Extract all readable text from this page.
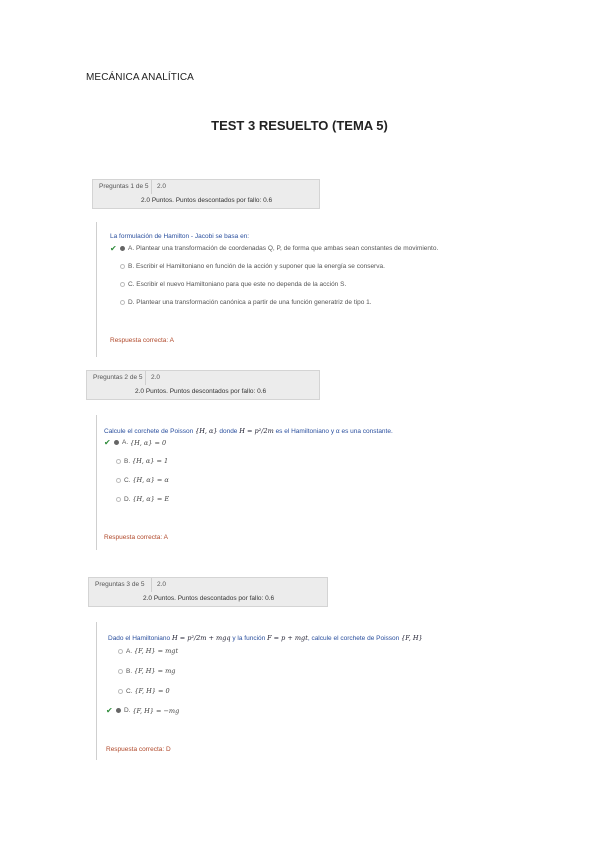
MECÁNICA ANALÍTICA
TEST 3 RESUELTO (TEMA 5)
Preguntas 1 de 5 2.0
2.0 Puntos. Puntos descontados por fallo: 0.6
La formulación de Hamilton - Jacobi se basa en:
✔	A. Plantear una transformación de coordenadas Q, P, de forma que ambas sean constantes de movimiento.
B. Escribir el Hamiltoniano en función de la acción y suponer que la energía se conserva.
C. Escribir el nuevo Hamiltoniano para que este no dependa de la acción S.
D. Plantear una transformación canónica a partir de una función generatriz de tipo 1.
Respuesta correcta: A
Preguntas 2 de 5 2.0
2.0 Puntos. Puntos descontados por fallo: 0.6
Calcule el corchete de Poisson {H, α} donde H = p²/2m es el Hamiltoniano y α es una constante.
✔	A.
{H, α} = 0
B.
{H, α} = 1
C.
{H, α} = α
D.
{H, α} = E
Respuesta correcta: A
Preguntas 3 de 5 2.0
2.0 Puntos. Puntos descontados por fallo: 0.6
Dado el Hamiltoniano H = p²/2m + mgq y la función F = p + mgt, calcule el corchete de Poisson {F, H}
A.
{F, H} = mgt
B.
{F, H} = mg
C.
{F, H} = 0
✔	D.
{F, H} = −mg
Respuesta correcta: D
